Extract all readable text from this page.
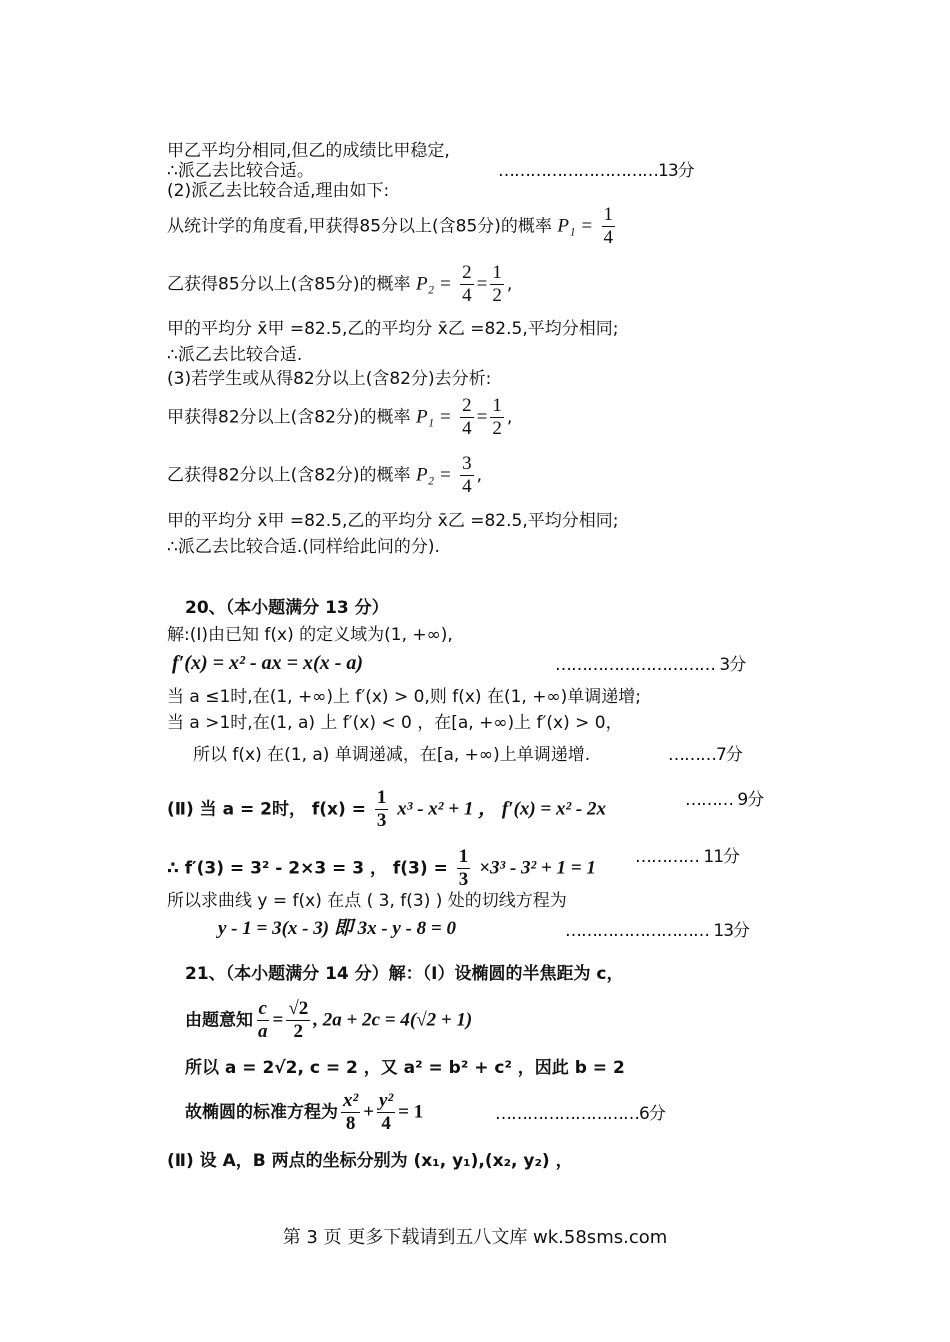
甲乙平均分相同,但乙的成绩比甲稳定,
∴派乙去比较合适。	…………………………13分
(2)派乙去比较合适,理由如下:
从统计学的角度看,甲获得85分以上(含85分)的概率 $P_1 = \frac{1}{4}$
乙获得85分以上(含85分)的概率 $P_2 = \frac{2}{4} = \frac{1}{2}$ ,
甲的平均分 x̄甲 =82.5,乙的平均分 x̄乙 =82.5,平均分相同;
∴派乙去比较合适.
(3)若学生或从得82分以上(含82分)去分析:
甲获得82分以上(含82分)的概率 $P_1 = \frac{2}{4} = \frac{1}{2}$ ,
乙获得82分以上(含82分)的概率 $P_2 = \frac{3}{4}$ ,
甲的平均分 x̄甲 =82.5,乙的平均分 x̄乙 =82.5,平均分相同;
∴派乙去比较合适.(同样给此问的分).
20、（本小题满分 13 分）
解:(Ⅰ)由已知 f(x) 的定义域为(1, +∞),
f′(x) = x² - ax = x(x - a)	………………………… 3分
当 a ≤1时,在(1, +∞)上 f′(x) > 0,则 f(x) 在(1, +∞)单调递增;
当 a >1时,在(1, a) 上 f′(x) < 0 ，在[a, +∞)上 f′(x) > 0，
所以 f(x) 在(1, a) 单调递减，在[a, +∞)上单调递增.	………7分
(Ⅱ) 当 a = 2时， $f(x) = \frac{1}{3} x^3 - x^2 + 1$ ， f′(x) = x² - 2x	……… 9分
∴ f′(3) = 3² - 2×3 = 3 ， $f(3) = \frac{1}{3} \times 3^3 - 3^2 + 1 = 1$
………… 11分
所以求曲线 y = f(x) 在点 ( 3, f(3) ) 处的切线方程为
y - 1 = 3(x - 3) 即 3x - y - 8 = 0	……………………… 13分
21、（本小题满分 14 分）解：（Ⅰ）设椭圆的半焦距为 c，
由题意知 $\frac{c}{a} = \frac{√2}{2}$ , 2a + 2c = 4(√2 + 1)
所以 a = 2√2, c = 2 ，又 a² = b² + c² ，因此 b = 2
故椭圆的标准方程为 $\frac{\text{x²}}{8} + \frac{\text{y²}}{4} = 1$	………………………6分
(Ⅱ) 设 A，B 两点的坐标分别为 (x₁, y₁),(x₂, y₂) ，
第 3 页 更多下载请到五八文库 wk.58sms.com
